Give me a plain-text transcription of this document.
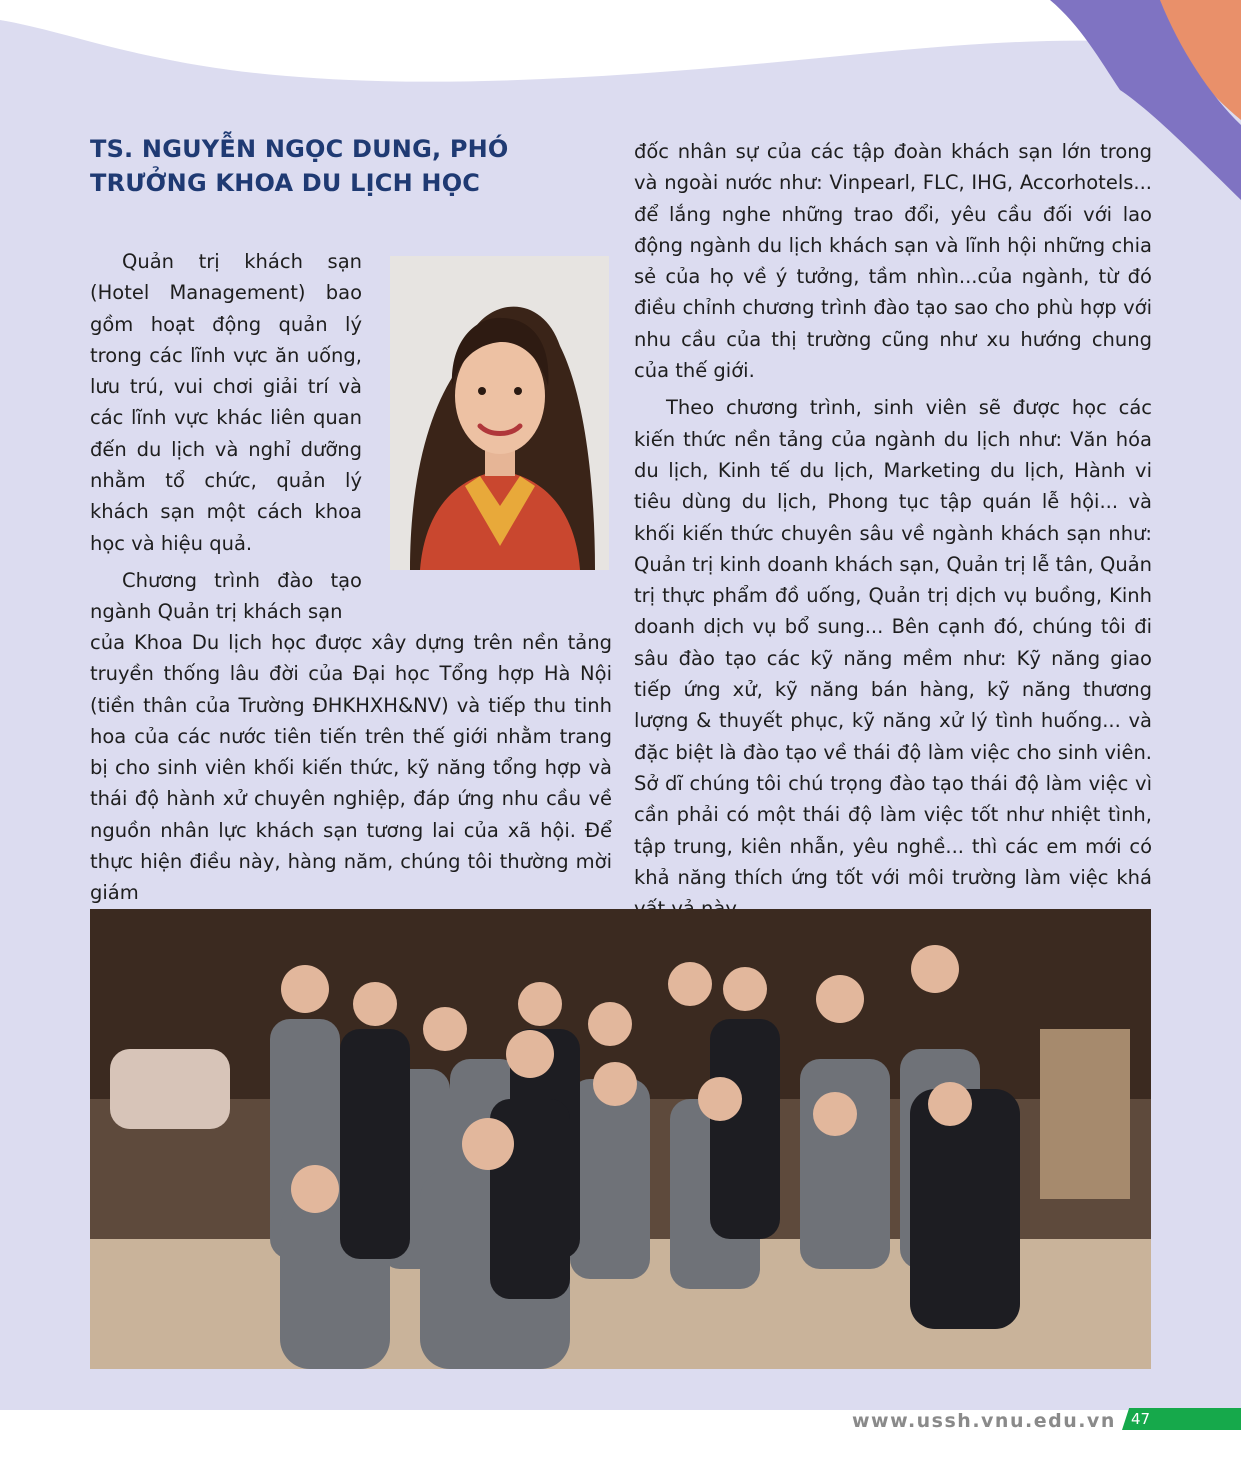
TS. NGUYỄN NGỌC DUNG, PHÓ TRƯỞNG KHOA DU LỊCH HỌC

Quản trị khách sạn (Hotel Management) bao gồm hoạt động quản lý trong các lĩnh vực ăn uống, lưu trú, vui chơi giải trí và các lĩnh vực khác liên quan đến du lịch và nghỉ dưỡng nhằm tổ chức, quản lý khách sạn một cách khoa học và hiệu quả.

Chương trình đào tạo ngành Quản trị khách sạn

của Khoa Du lịch học được xây dựng trên nền tảng truyền thống lâu đời của Đại học Tổng hợp Hà Nội (tiền thân của Trường ĐHKHXH&NV) và tiếp thu tinh hoa của các nước tiên tiến trên thế giới nhằm trang bị cho sinh viên khối kiến thức, kỹ năng tổng hợp và thái độ hành xử chuyên nghiệp, đáp ứng nhu cầu về nguồn nhân lực khách sạn tương lai của xã hội. Để thực hiện điều này, hàng năm, chúng tôi thường mời giám

đốc nhân sự của các tập đoàn khách sạn lớn trong và ngoài nước như: Vinpearl, FLC, IHG, Accorhotels... để lắng nghe những trao đổi, yêu cầu đối với lao động ngành du lịch khách sạn và lĩnh hội những chia sẻ của họ về ý tưởng, tầm nhìn...của ngành, từ đó điều chỉnh chương trình đào tạo sao cho phù hợp với nhu cầu của thị trường cũng như xu hướng chung của thế giới.

Theo chương trình, sinh viên sẽ được học các kiến thức nền tảng của ngành du lịch như: Văn hóa du lịch, Kinh tế du lịch, Marketing du lịch, Hành vi tiêu dùng du lịch, Phong tục tập quán lễ hội... và khối kiến thức chuyên sâu về ngành khách sạn như: Quản trị kinh doanh khách sạn, Quản trị lễ tân, Quản trị thực phẩm đồ uống, Quản trị dịch vụ buồng, Kinh doanh dịch vụ bổ sung... Bên cạnh đó, chúng tôi đi sâu đào tạo các kỹ năng mềm như: Kỹ năng giao tiếp ứng xử, kỹ năng bán hàng, kỹ năng thương lượng & thuyết phục, kỹ năng xử lý tình huống... và đặc biệt là đào tạo về thái độ làm việc cho sinh viên. Sở dĩ chúng tôi chú trọng đào tạo thái độ làm việc vì cần phải có một thái độ làm việc tốt như nhiệt tình, tập trung, kiên nhẫn, yêu nghề... thì các em mới có khả năng thích ứng tốt với môi trường làm việc khá

www.ussh.vnu.edu.vn 47
